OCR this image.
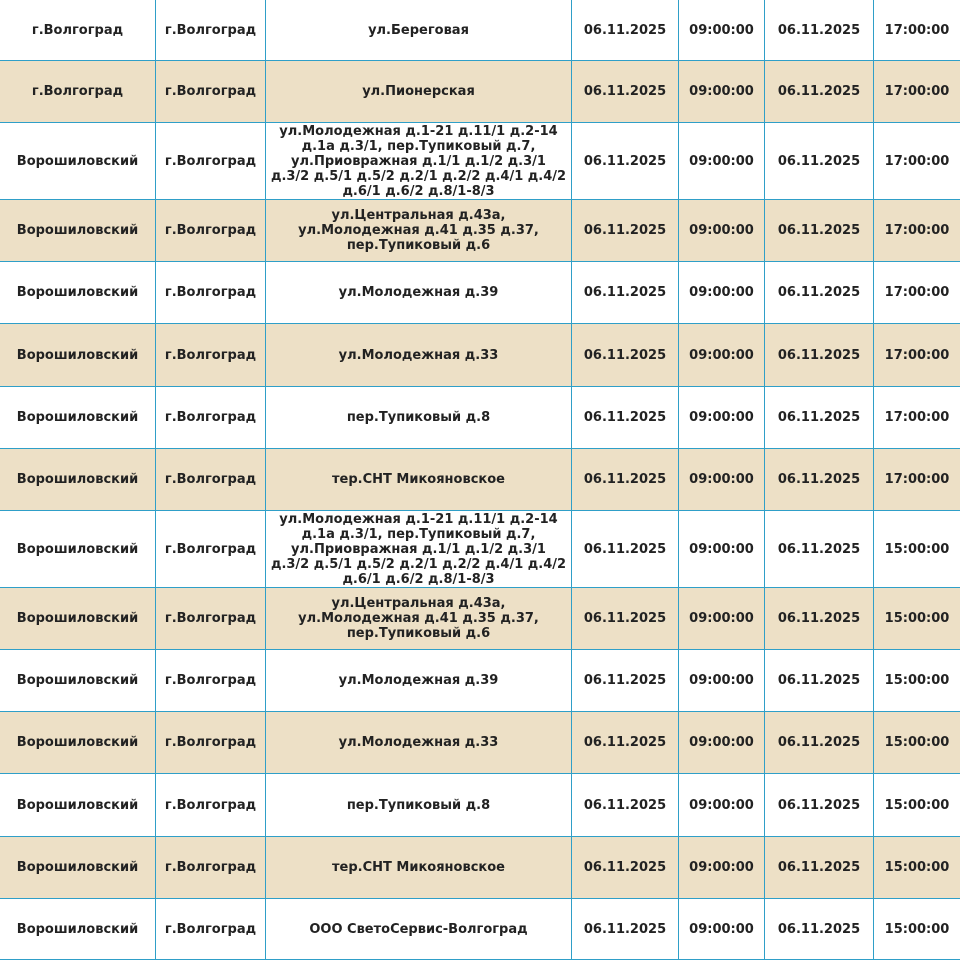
г.Волгоград	г.Волгоград	ул.Береговая	06.11.2025	09:00:00	06.11.2025	17:00:00
г.Волгоград	г.Волгоград	ул.Пионерская	06.11.2025	09:00:00	06.11.2025	17:00:00
Ворошиловский	г.Волгоград	ул.Молодежная д.1-21 д.11/1 д.2-14 д.1а д.3/1, пер.Тупиковый д.7, ул.Приовражная д.1/1 д.1/2 д.3/1 д.3/2 д.5/1 д.5/2 д.2/1 д.2/2 д.4/1 д.4/2 д.6/1 д.6/2 д.8/1-8/3	06.11.2025	09:00:00	06.11.2025	17:00:00
Ворошиловский	г.Волгоград	ул.Центральная д.43а, ул.Молодежная д.41 д.35 д.37, пер.Тупиковый д.6	06.11.2025	09:00:00	06.11.2025	17:00:00
Ворошиловский	г.Волгоград	ул.Молодежная д.39	06.11.2025	09:00:00	06.11.2025	17:00:00
Ворошиловский	г.Волгоград	ул.Молодежная д.33	06.11.2025	09:00:00	06.11.2025	17:00:00
Ворошиловский	г.Волгоград	пер.Тупиковый д.8	06.11.2025	09:00:00	06.11.2025	17:00:00
Ворошиловский	г.Волгоград	тер.СНТ Микояновское	06.11.2025	09:00:00	06.11.2025	17:00:00
Ворошиловский	г.Волгоград	ул.Молодежная д.1-21 д.11/1 д.2-14 д.1а д.3/1, пер.Тупиковый д.7, ул.Приовражная д.1/1 д.1/2 д.3/1 д.3/2 д.5/1 д.5/2 д.2/1 д.2/2 д.4/1 д.4/2 д.6/1 д.6/2 д.8/1-8/3	06.11.2025	09:00:00	06.11.2025	15:00:00
Ворошиловский	г.Волгоград	ул.Центральная д.43а, ул.Молодежная д.41 д.35 д.37, пер.Тупиковый д.6	06.11.2025	09:00:00	06.11.2025	15:00:00
Ворошиловский	г.Волгоград	ул.Молодежная д.39	06.11.2025	09:00:00	06.11.2025	15:00:00
Ворошиловский	г.Волгоград	ул.Молодежная д.33	06.11.2025	09:00:00	06.11.2025	15:00:00
Ворошиловский	г.Волгоград	пер.Тупиковый д.8	06.11.2025	09:00:00	06.11.2025	15:00:00
Ворошиловский	г.Волгоград	тер.СНТ Микояновское	06.11.2025	09:00:00	06.11.2025	15:00:00
Ворошиловский	г.Волгоград	ООО СветоСервис-Волгоград	06.11.2025	09:00:00	06.11.2025	15:00:00
